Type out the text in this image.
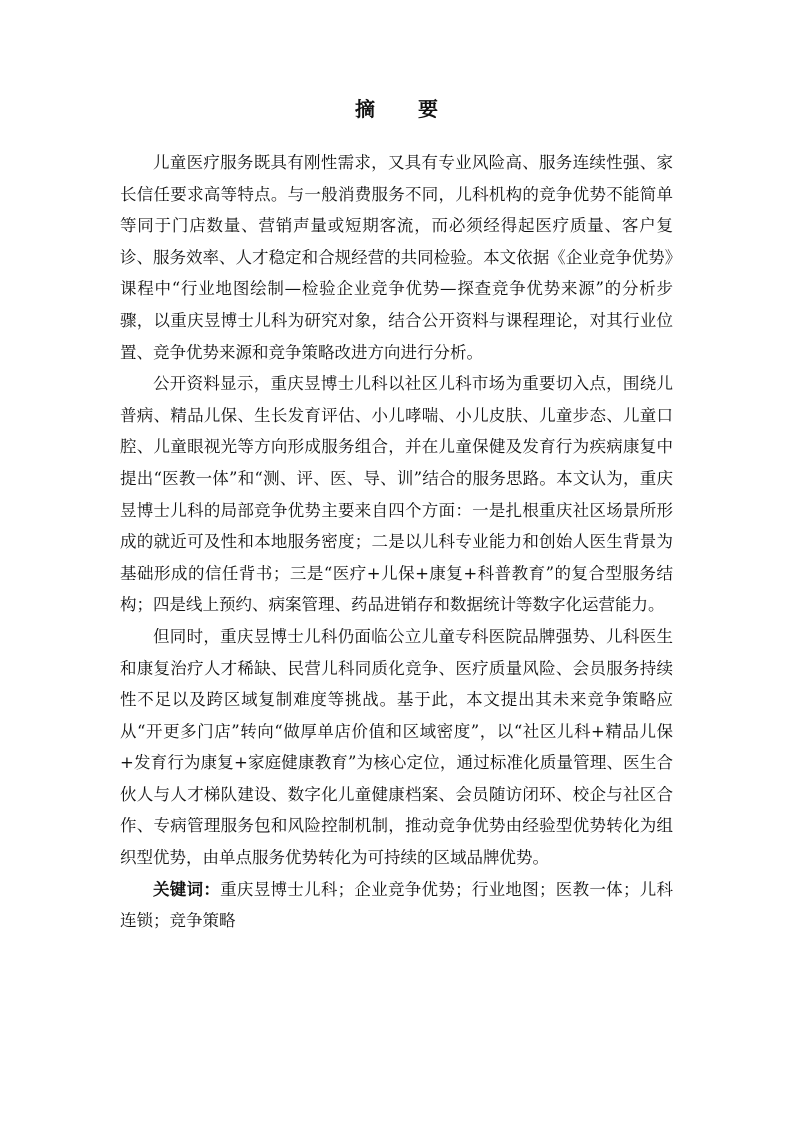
摘 要

儿童医疗服务既具有刚性需求，又具有专业风险高、服务连续性强、家长信任要求高等特点。与一般消费服务不同，儿科机构的竞争优势不能简单等同于门店数量、营销声量或短期客流，而必须经得起医疗质量、客户复诊、服务效率、人才稳定和合规经营的共同检验。本文依据《企业竞争优势》课程中“行业地图绘制—检验企业竞争优势—探查竞争优势来源”的分析步骤，以重庆昱博士儿科为研究对象，结合公开资料与课程理论，对其行业位置、竞争优势来源和竞争策略改进方向进行分析。

公开资料显示，重庆昱博士儿科以社区儿科市场为重要切入点，围绕儿普病、精品儿保、生长发育评估、小儿哮喘、小儿皮肤、儿童步态、儿童口腔、儿童眼视光等方向形成服务组合，并在儿童保健及发育行为疾病康复中提出“医教一体”和“测、评、医、导、训”结合的服务思路。本文认为，重庆昱博士儿科的局部竞争优势主要来自四个方面：一是扎根重庆社区场景所形成的就近可及性和本地服务密度；二是以儿科专业能力和创始人医生背景为基础形成的信任背书；三是“医疗+儿保+康复+科普教育”的复合型服务结构；四是线上预约、病案管理、药品进销存和数据统计等数字化运营能力。

但同时，重庆昱博士儿科仍面临公立儿童专科医院品牌强势、儿科医生和康复治疗人才稀缺、民营儿科同质化竞争、医疗质量风险、会员服务持续性不足以及跨区域复制难度等挑战。基于此，本文提出其未来竞争策略应从“开更多门店”转向“做厚单店价值和区域密度”，以“社区儿科+精品儿保+发育行为康复+家庭健康教育”为核心定位，通过标准化质量管理、医生合伙人与人才梯队建设、数字化儿童健康档案、会员随访闭环、校企与社区合作、专病管理服务包和风险控制机制，推动竞争优势由经验型优势转化为组织型优势，由单点服务优势转化为可持续的区域品牌优势。

关键词：重庆昱博士儿科；企业竞争优势；行业地图；医教一体；儿科连锁；竞争策略
